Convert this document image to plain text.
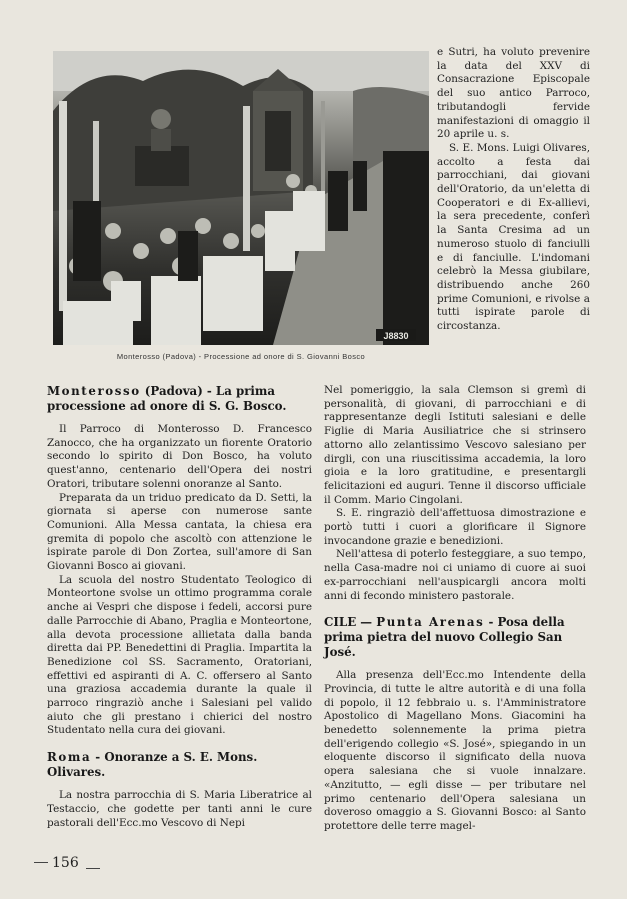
J8830
Monterosso (Padova) - Processione ad onore di S. Giovanni Bosco

e Sutri, ha voluto prevenire la data del XXV di Consacrazione Episcopale del suo antico Parroco, tributandogli fervide manifestazioni di omaggio il 20 aprile u. s.

S. E. Mons. Luigi Olivares, accolto a festa dai parrocchiani, dai giovani dell'Oratorio, da un'eletta di Cooperatori e di Ex-allievi, la sera precedente, conferì la Santa Cresima ad un numeroso stuolo di fanciulli e di fanciulle. L'indomani celebrò la Messa giubilare, distribuendo anche 260 prime Comunioni, e rivolse a tutti ispirate parole di circostanza.

Monterosso (Padova) - La prima processione ad onore di S. G. Bosco.

Il Parroco di Monterosso D. Francesco Zanocco, che ha organizzato un fiorente Oratorio secondo lo spirito di Don Bosco, ha voluto quest'anno, centenario dell'Opera dei nostri Oratori, tributare solenni onoranze al Santo.

Preparata da un triduo predicato da D. Setti, la giornata si aperse con numerose sante Comunioni. Alla Messa cantata, la chiesa era gremita di popolo che ascoltò con attenzione le ispirate parole di Don Zortea, sull'amore di San Giovanni Bosco ai giovani.

La scuola del nostro Studentato Teologico di Monteortone svolse un ottimo programma corale anche ai Vespri che dispose i fedeli, accorsi pure dalle Parrocchie di Abano, Praglia e Monteortone, alla devota processione allietata dalla banda diretta dai PP. Benedettini di Praglia. Impartita la Benedizione col SS. Sacramento, Oratoriani, effettivi ed aspiranti di A. C. offersero al Santo una graziosa accademia durante la quale il parroco ringraziò anche i Salesiani pel valido aiuto che gli prestano i chierici del nostro Studentato nella cura dei giovani.

Roma - Onoranze a S. E. Mons. Olivares.

La nostra parrocchia di S. Maria Liberatrice al Testaccio, che godette per tanti anni le cure pastorali dell'Ecc.mo Vescovo di Nepi

Nel pomeriggio, la sala Clemson si gremì di personalità, di giovani, di parrocchiani e di rappresentanze degli Istituti salesiani e delle Figlie di Maria Ausiliatrice che si strinsero attorno allo zelantissimo Vescovo salesiano per dirgli, con una riuscitissima accademia, la loro gioia e la loro gratitudine, e presentargli felicitazioni ed auguri. Tenne il discorso ufficiale il Comm. Mario Cingolani.

S. E. ringraziò dell'affettuosa dimostrazione e portò tutti i cuori a glorificare il Signore invocandone grazie e benedizioni.

Nell'attesa di poterlo festeggiare, a suo tempo, nella Casa-madre noi ci uniamo di cuore ai suoi ex-parrocchiani nell'auspicargli ancora molti anni di fecondo ministero pastorale.

CILE — Punta Arenas - Posa della prima pietra del nuovo Collegio San José.

Alla presenza dell'Ecc.mo Intendente della Provincia, di tutte le altre autorità e di una folla di popolo, il 12 febbraio u. s. l'Amministratore Apostolico di Magellano Mons. Giacomini ha benedetto solennemente la prima pietra dell'erigendo collegio «S. José», spiegando in un eloquente discorso il significato della nuova opera salesiana che si vuole innalzare. «Anzitutto, — egli disse — per tributare nel primo centenario dell'Opera salesiana un doveroso omaggio a S. Giovanni Bosco: al Santo protettore delle terre magel-

156
